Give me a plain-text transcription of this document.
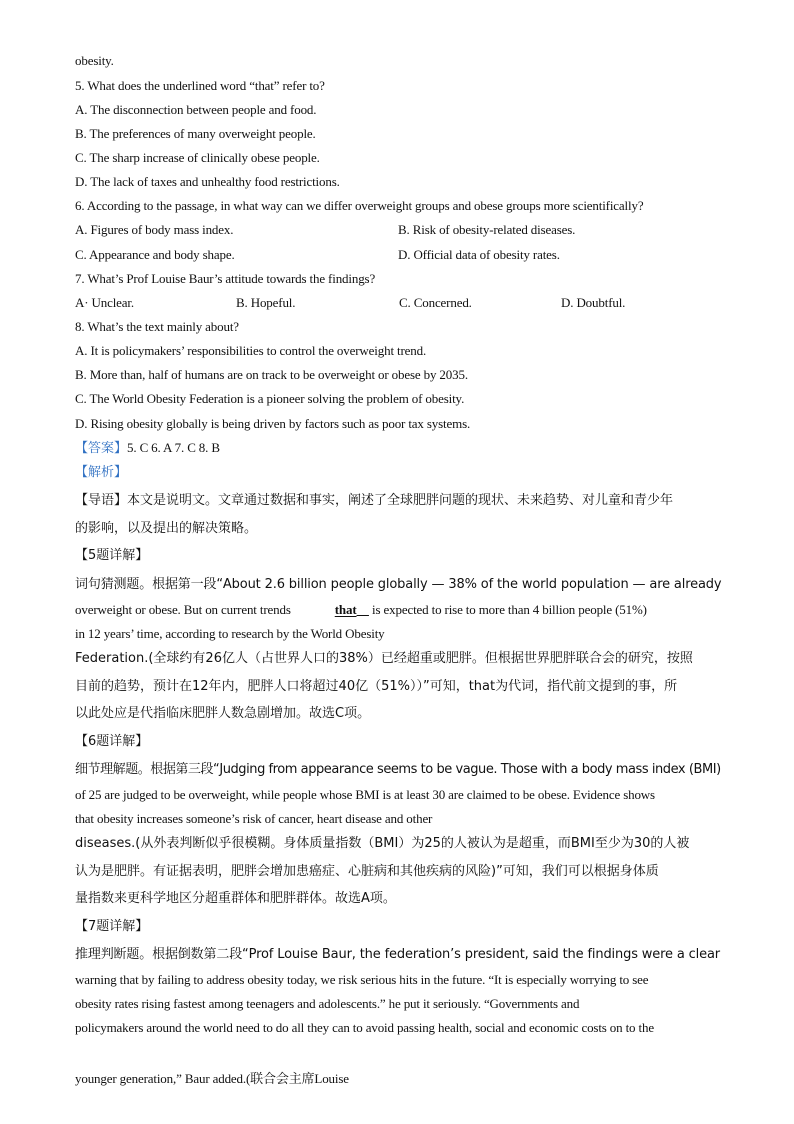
obesity.
5. What does the underlined word “that” refer to?
A. The disconnection between people and food.
B. The preferences of many overweight people.
C. The sharp increase of clinically obese people.
D. The lack of taxes and unhealthy food restrictions.
6. According to the passage, in what way can we differ overweight groups and obese groups more scientifically?
A. Figures of body mass index.	B. Risk of obesity-related diseases.
C. Appearance and body shape.	D. Official data of obesity rates.
7. What’s Prof Louise Baur’s attitude towards the findings?
A· Unclear.	B. Hopeful.	C. Concerned.	D. Doubtful.
8. What’s the text mainly about?
A. It is policymakers’ responsibilities to control the overweight trend.
B. More than, half of humans are on track to be overweight or obese by 2035.
C. The World Obesity Federation is a pioneer solving the problem of obesity.
D. Rising obesity globally is being driven by factors such as poor tax systems.
【答案】5. C 6. A 7. C 8. B
【解析】
【导语】本文是说明文。文章通过数据和事实，阐述了全球肥胖问题的现状、未来趋势、对儿童和青少年
的影响，以及提出的解决策略。
【5题详解】
词句猜测题。根据第一段“About 2.6 billion people globally — 38% of the world population — are already
overweight or obese. But on current trends	that is expected to rise to more than 4 billion people (51%)
in 12 years’ time, according to research by the World Obesity
Federation.(全球约有26亿人（占世界人口的38%）已经超重或肥胖。但根据世界肥胖联合会的研究，按照
目前的趋势，预计在12年内，肥胖人口将超过40亿（51%））”可知，that为代词，指代前文提到的事，所
以此处应是代指临床肥胖人数急剧增加。故选C项。
【6题详解】
细节理解题。根据第三段“Judging from appearance seems to be vague. Those with a body mass index (BMI)
of 25 are judged to be overweight, while people whose BMI is at least 30 are claimed to be obese. Evidence shows
that obesity increases someone’s risk of cancer, heart disease and other
diseases.(从外表判断似乎很模糊。身体质量指数（BMI）为25的人被认为是超重，而BMI至少为30的人被
认为是肥胖。有证据表明，肥胖会增加患癌症、心脏病和其他疾病的风险)”可知，我们可以根据身体质
量指数来更科学地区分超重群体和肥胖群体。故选A项。
【7题详解】
推理判断题。根据倒数第二段“Prof Louise Baur, the federation’s president, said the findings were a clear
warning that by failing to address obesity today, we risk serious hits in the future. “It is especially worrying to see
obesity rates rising fastest among teenagers and adolescents.” he put it seriously. “Governments and
policymakers around the world need to do all they can to avoid passing health, social and economic costs on to the
younger generation,” Baur added.(联合会主席Louise
